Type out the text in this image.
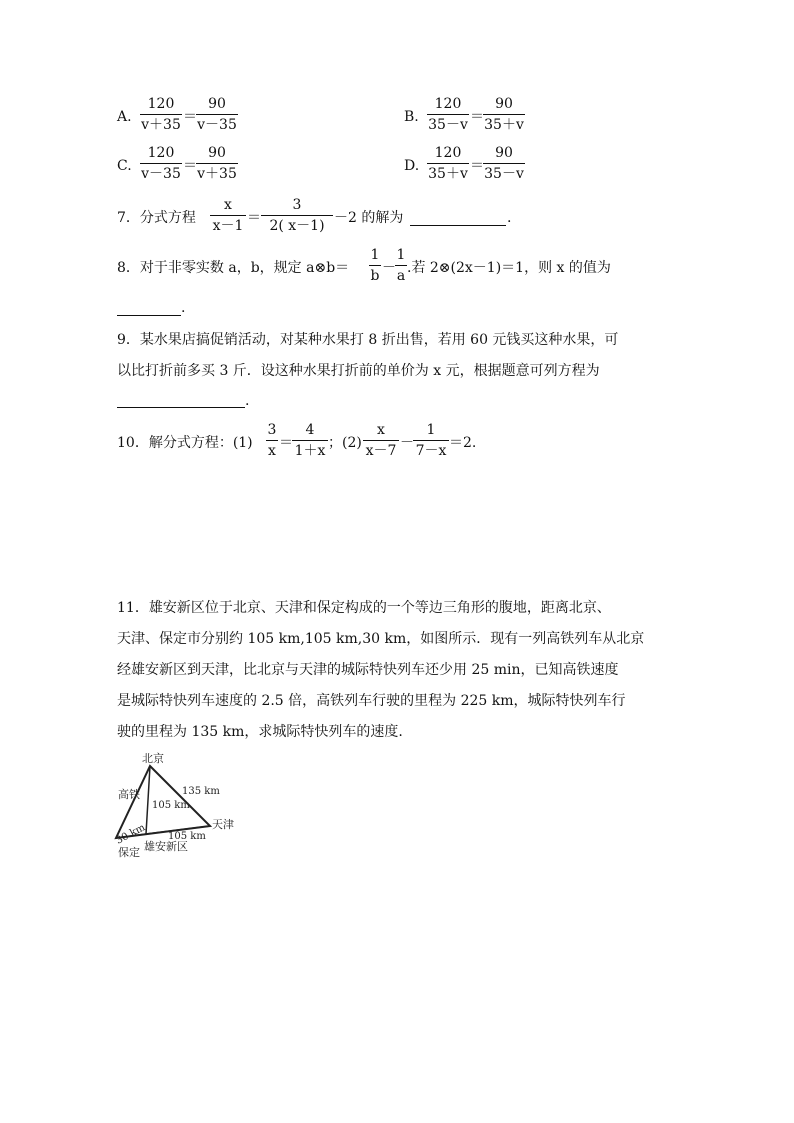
A.
120
v＋35 ＝
90
v－35	B.
120
35－v ＝
90
35＋v
C.
120
v－35 ＝
90
v＋35	D.
120
35＋v ＝
90
35－v
7．分式方程
x
x－1 ＝
3
2( x－1) －2 的解为	.
8．对于非零实数 a，b，规定 a⊗b＝
1
b －
1
a .若 2⊗(2x－1)＝1，则 x 的值为
.
9．某水果店搞促销活动，对某种水果打 8 折出售，若用 60 元钱买这种水果，可
以比打折前多买 3 斤．设这种水果打折前的单价为 x 元，根据题意可列方程为
.
10．解分式方程：(1)
3
x ＝
4
1＋x ；(2)
x
x－7 －
1
7－x ＝2.
11．雄安新区位于北京、天津和保定构成的一个等边三角形的腹地，距离北京、
天津、保定市分别约 105 km,105 km,30 km，如图所示．现有一列高铁列车从北京
经雄安新区到天津，比北京与天津的城际特快列车还少用 25 min，已知高铁速度
是城际特快列车速度的 2.5 倍，高铁列车行驶的里程为 225 km，城际特快列车行
驶的里程为 135 km，求城际特快列车的速度.
北京
天津
保定 雄安新区
高铁	135 km
105 km
105 km
30 km
